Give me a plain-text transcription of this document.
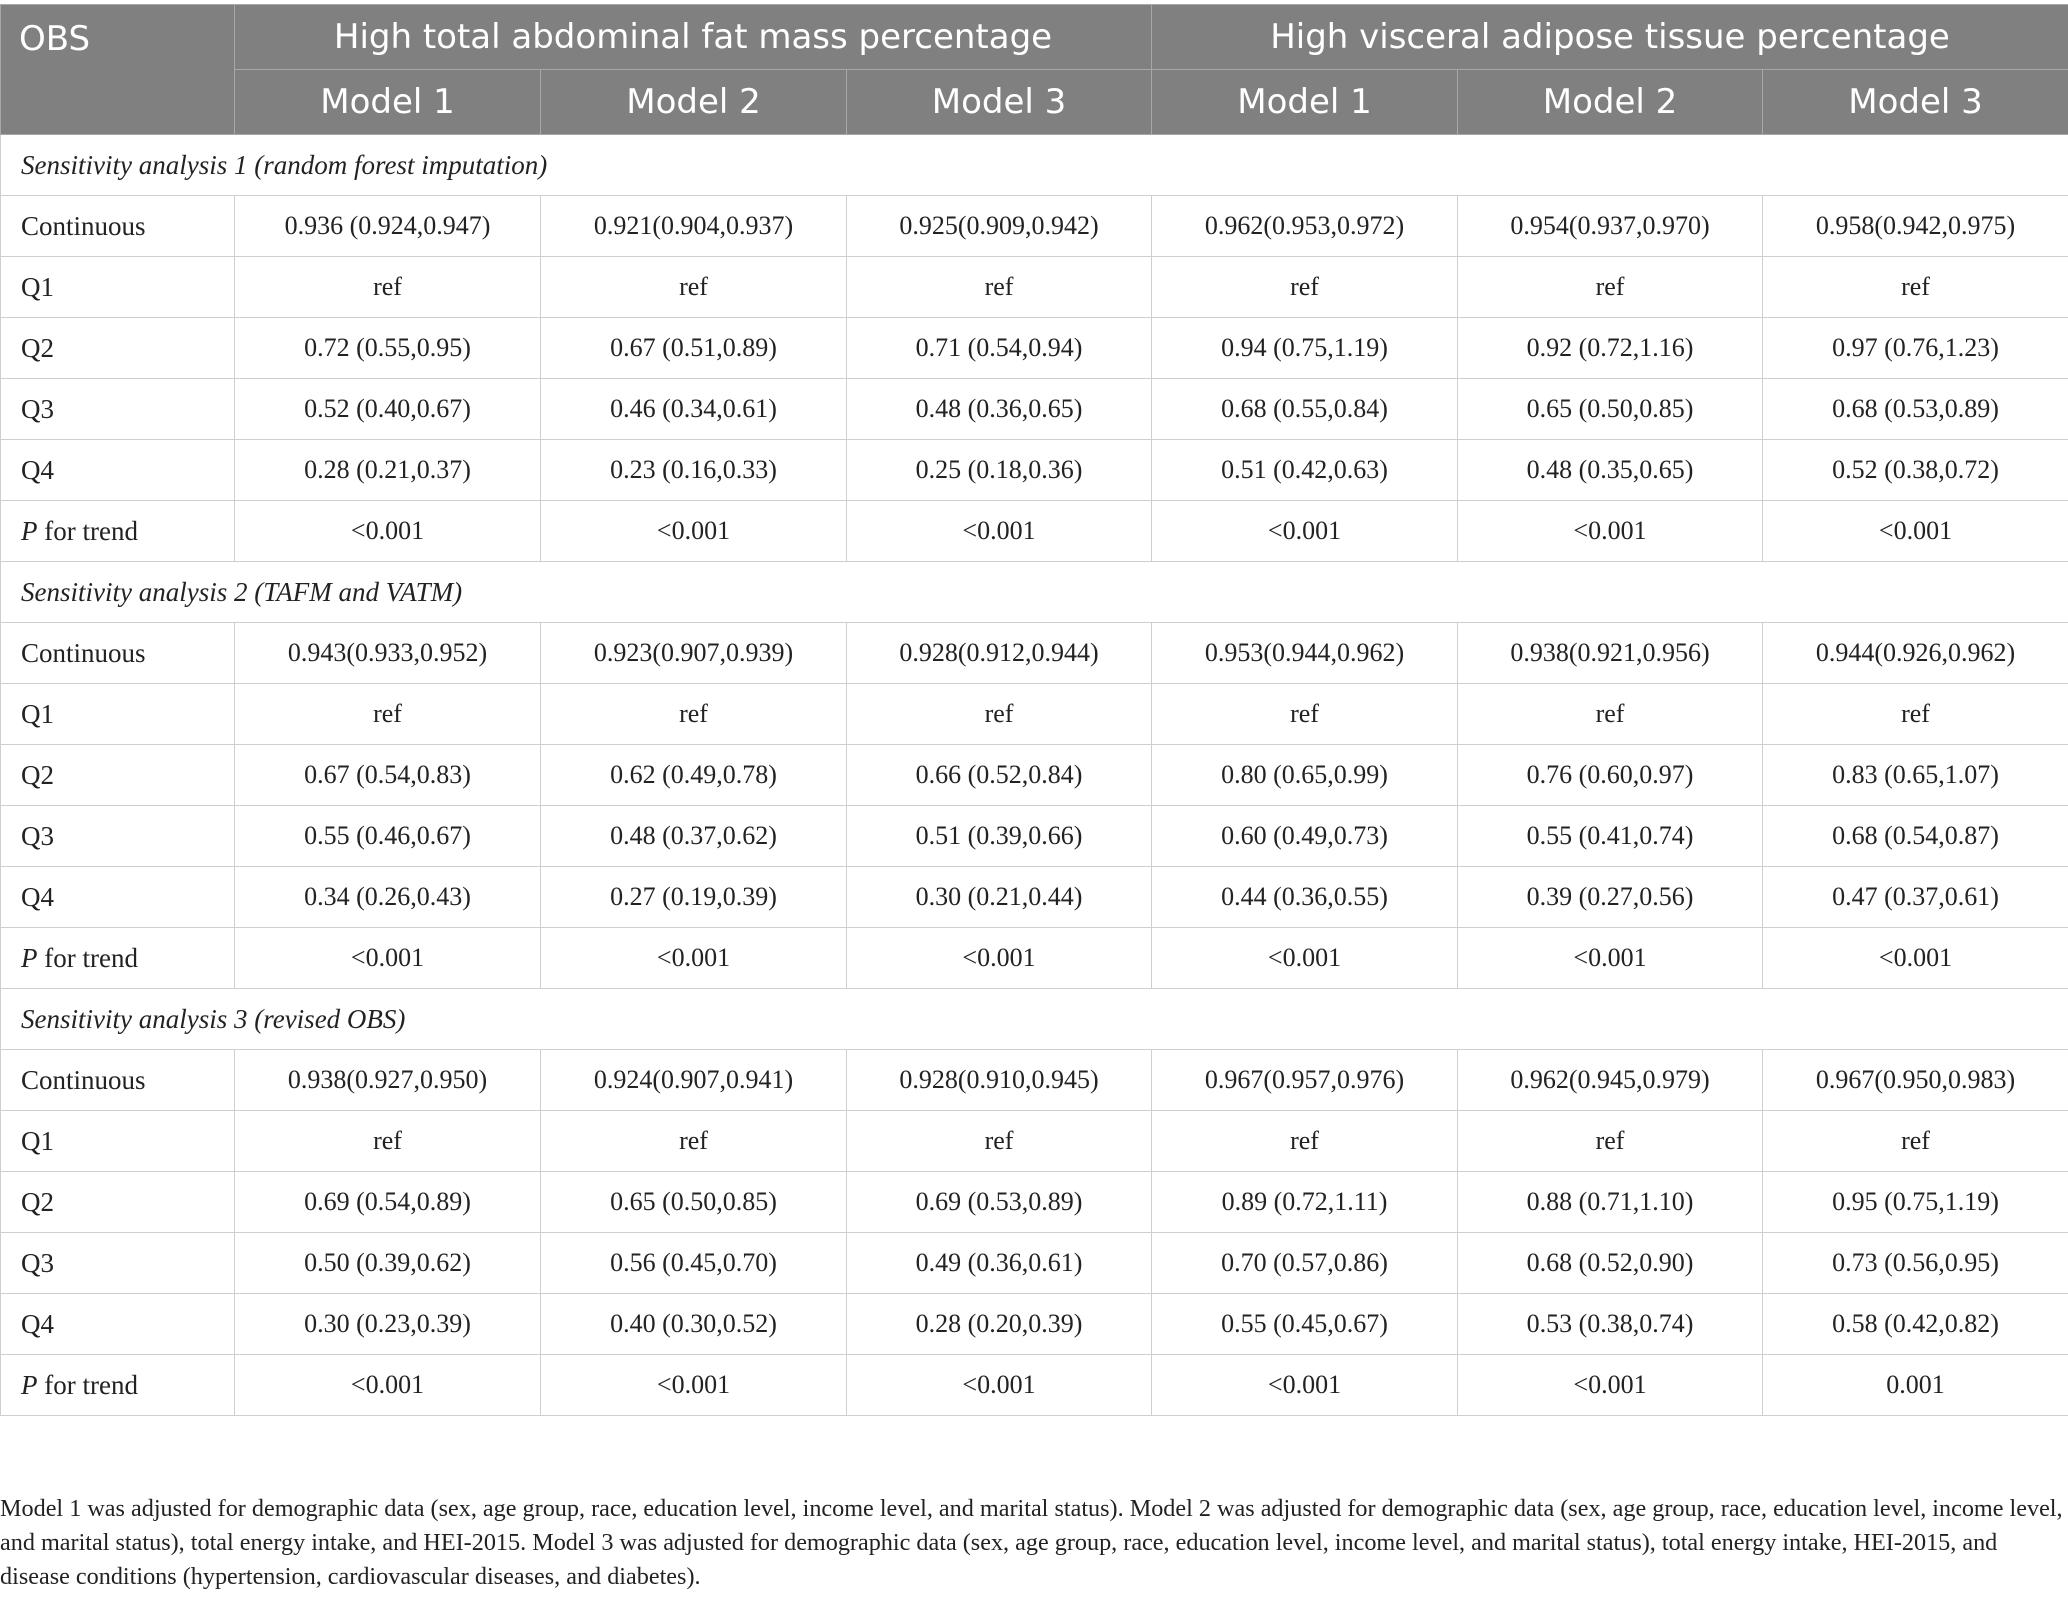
OBS	High total abdominal fat mass percentage			High visceral adipose tissue percentage		
	Model 1	Model 2	Model 3	Model 1	Model 2	Model 3
Sensitivity analysis 1 (random forest imputation)						
Continuous	0.936 (0.924,0.947)	0.921(0.904,0.937)	0.925(0.909,0.942)	0.962(0.953,0.972)	0.954(0.937,0.970)	0.958(0.942,0.975)
Q1	ref	ref	ref	ref	ref	ref
Q2	0.72 (0.55,0.95)	0.67 (0.51,0.89)	0.71 (0.54,0.94)	0.94 (0.75,1.19)	0.92 (0.72,1.16)	0.97 (0.76,1.23)
Q3	0.52 (0.40,0.67)	0.46 (0.34,0.61)	0.48 (0.36,0.65)	0.68 (0.55,0.84)	0.65 (0.50,0.85)	0.68 (0.53,0.89)
Q4	0.28 (0.21,0.37)	0.23 (0.16,0.33)	0.25 (0.18,0.36)	0.51 (0.42,0.63)	0.48 (0.35,0.65)	0.52 (0.38,0.72)
P for trend	<0.001	<0.001	<0.001	<0.001	<0.001	<0.001
Sensitivity analysis 2 (TAFM and VATM)						
Continuous	0.943(0.933,0.952)	0.923(0.907,0.939)	0.928(0.912,0.944)	0.953(0.944,0.962)	0.938(0.921,0.956)	0.944(0.926,0.962)
Q1	ref	ref	ref	ref	ref	ref
Q2	0.67 (0.54,0.83)	0.62 (0.49,0.78)	0.66 (0.52,0.84)	0.80 (0.65,0.99)	0.76 (0.60,0.97)	0.83 (0.65,1.07)
Q3	0.55 (0.46,0.67)	0.48 (0.37,0.62)	0.51 (0.39,0.66)	0.60 (0.49,0.73)	0.55 (0.41,0.74)	0.68 (0.54,0.87)
Q4	0.34 (0.26,0.43)	0.27 (0.19,0.39)	0.30 (0.21,0.44)	0.44 (0.36,0.55)	0.39 (0.27,0.56)	0.47 (0.37,0.61)
P for trend	<0.001	<0.001	<0.001	<0.001	<0.001	<0.001
Sensitivity analysis 3 (revised OBS)						
Continuous	0.938(0.927,0.950)	0.924(0.907,0.941)	0.928(0.910,0.945)	0.967(0.957,0.976)	0.962(0.945,0.979)	0.967(0.950,0.983)
Q1	ref	ref	ref	ref	ref	ref
Q2	0.69 (0.54,0.89)	0.65 (0.50,0.85)	0.69 (0.53,0.89)	0.89 (0.72,1.11)	0.88 (0.71,1.10)	0.95 (0.75,1.19)
Q3	0.50 (0.39,0.62)	0.56 (0.45,0.70)	0.49 (0.36,0.61)	0.70 (0.57,0.86)	0.68 (0.52,0.90)	0.73 (0.56,0.95)
Q4	0.30 (0.23,0.39)	0.40 (0.30,0.52)	0.28 (0.20,0.39)	0.55 (0.45,0.67)	0.53 (0.38,0.74)	0.58 (0.42,0.82)
P for trend	<0.001	<0.001	<0.001	<0.001	<0.001	0.001
Model 1 was adjusted for demographic data (sex, age group, race, education level, income level, and marital status). Model 2 was adjusted for demographic data (sex, age group, race, education level, income level, and marital status), total energy intake, and HEI-2015. Model 3 was adjusted for demographic data (sex, age group, race, education level, income level, and marital status), total energy intake, HEI-2015, and disease conditions (hypertension, cardiovascular diseases, and diabetes).
